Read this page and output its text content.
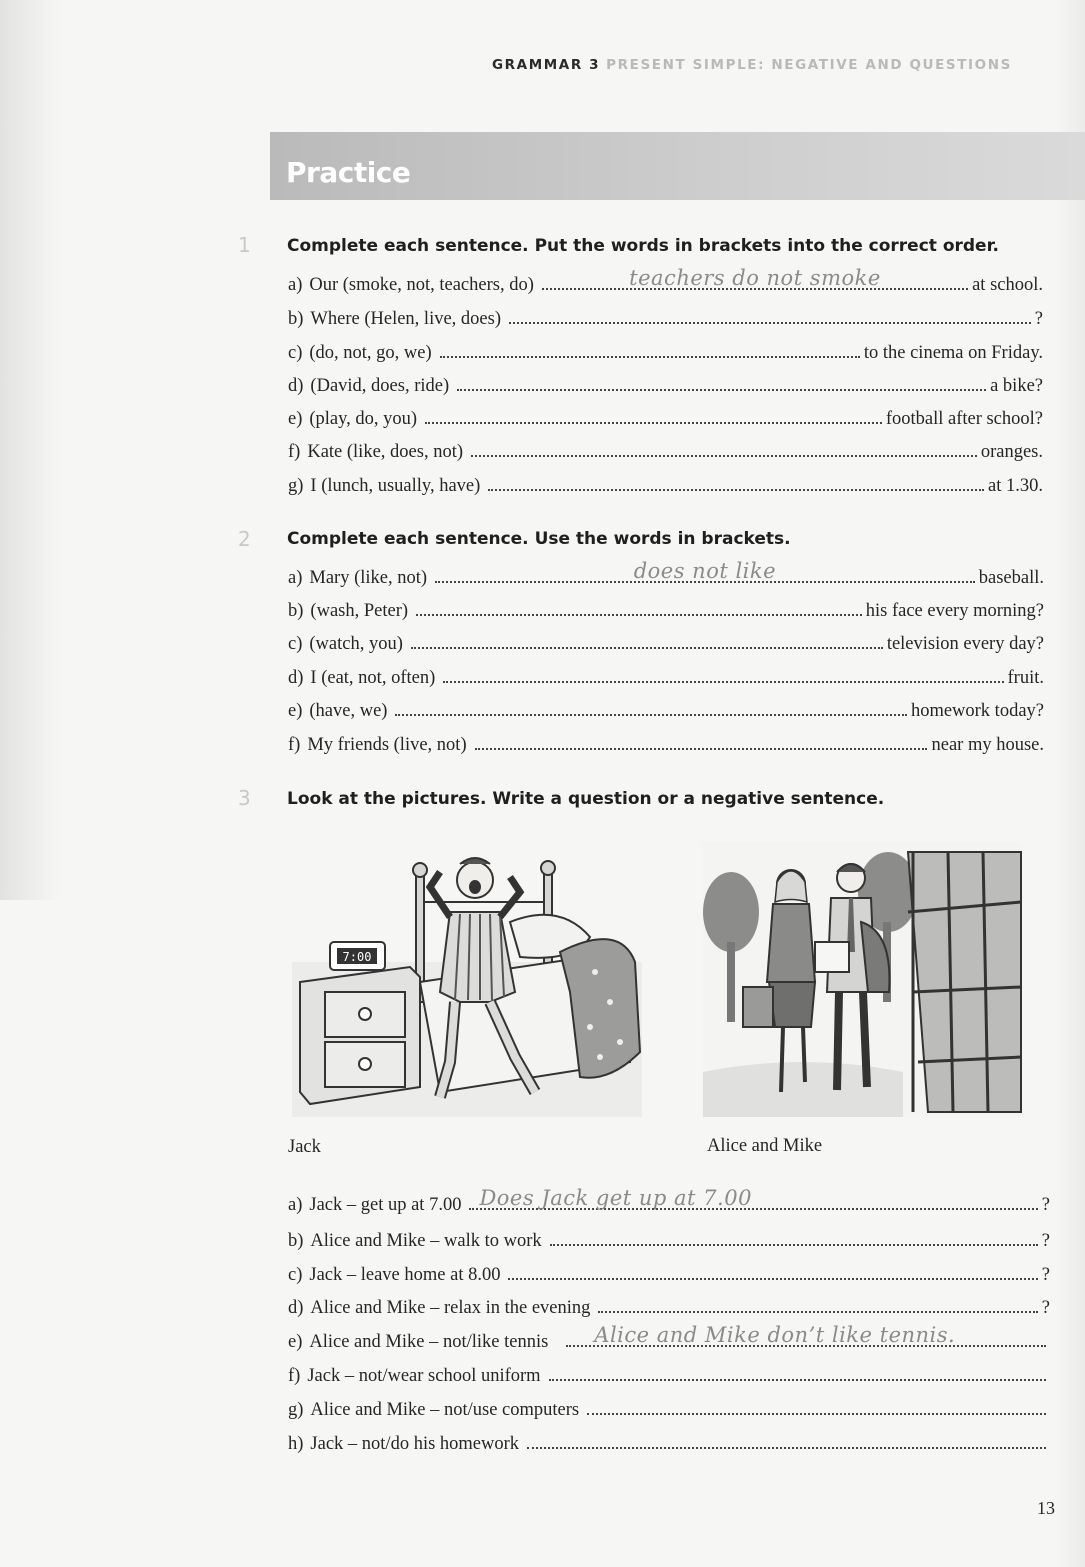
GRAMMAR 3 PRESENT SIMPLE: NEGATIVE AND QUESTIONS
Practice
1 Complete each sentence. Put the words in brackets into the correct order.
a) Our (smoke, not, teachers, do)	teachers do not smoke	at school.
b) Where (Helen, live, does)	?
c) (do, not, go, we)	to the cinema on Friday.
d) (David, does, ride)	a bike?
e) (play, do, you)	football after school?
f) Kate (like, does, not)	oranges.
g) I (lunch, usually, have)	at 1.30.
2 Complete each sentence. Use the words in brackets.
a) Mary (like, not)	does not like	baseball.
b) (wash, Peter)	his face every morning?
c) (watch, you)	television every day?
d) I (eat, not, often)	fruit.
e) (have, we)	homework today?
f) My friends (live, not)	near my house.
3 Look at the pictures. Write a question or a negative sentence.
7:00
Jack	Alice and Mike
a) Jack – get up at 7.00 Does Jack get up at 7.00	?
b) Alice and Mike – walk to work	?
c) Jack – leave home at 8.00	?
d) Alice and Mike – relax in the evening	?
e) Alice and Mike – not/like tennis Alice and Mike don’t like tennis.
f) Jack – not/wear school uniform
g) Alice and Mike – not/use computers
h) Jack – not/do his homework
13
